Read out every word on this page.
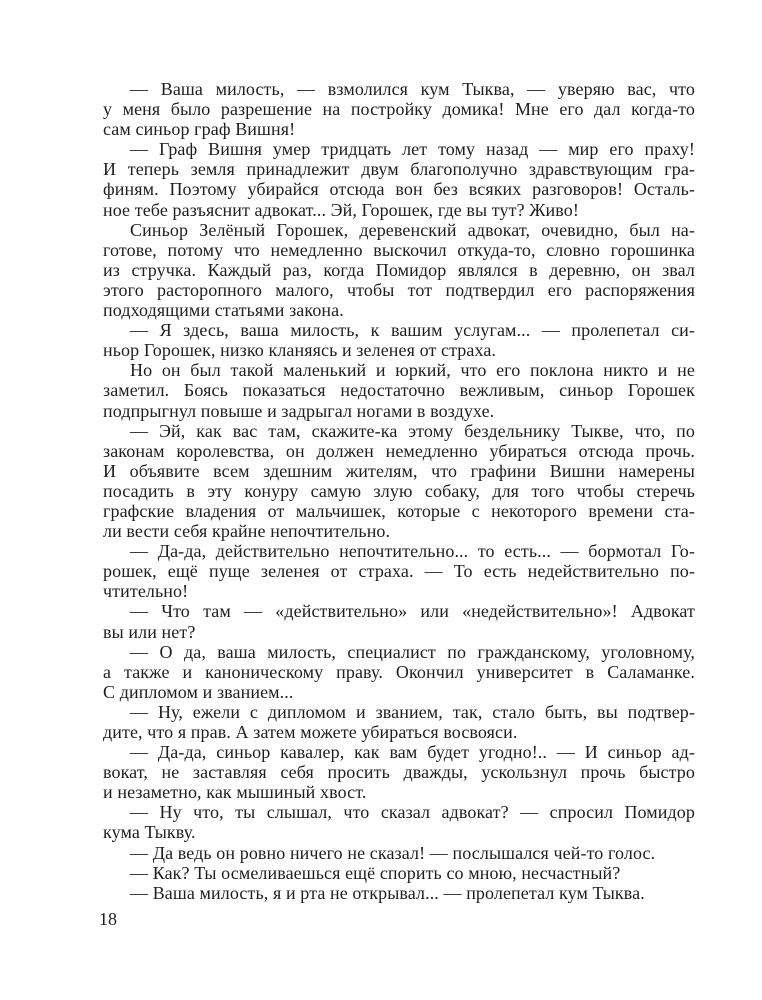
— Ваша милость, — взмолился кум Тыква, — уверяю вас, что
у меня было разрешение на постройку домика! Мне его дал когда-то
сам синьор граф Вишня!
— Граф Вишня умер тридцать лет тому назад — мир его праху!
И теперь земля принадлежит двум благополучно здравствующим гра-
финям. Поэтому убирайся отсюда вон без всяких разговоров! Осталь-
ное тебе разъяснит адвокат... Эй, Горошек, где вы тут? Живо!
Синьор Зелёный Горошек, деревенский адвокат, очевидно, был на-
готове, потому что немедленно выскочил откуда-то, словно горошинка
из стручка. Каждый раз, когда Помидор являлся в деревню, он звал
этого расторопного малого, чтобы тот подтвердил его распоряжения
подходящими статьями закона.
— Я здесь, ваша милость, к вашим услугам... — пролепетал си-
ньор Горошек, низко кланяясь и зеленея от страха.
Но он был такой маленький и юркий, что его поклона никто и не
заметил. Боясь показаться недостаточно вежливым, синьор Горошек
подпрыгнул повыше и задрыгал ногами в воздухе.
— Эй, как вас там, скажите-ка этому бездельнику Тыкве, что, по
законам королевства, он должен немедленно убираться отсюда прочь.
И объявите всем здешним жителям, что графини Вишни намерены
посадить в эту конуру самую злую собаку, для того чтобы стеречь
графские владения от мальчишек, которые с некоторого времени ста-
ли вести себя крайне непочтительно.
— Да-да, действительно непочтительно... то есть... — бормотал Го-
рошек, ещё пуще зеленея от страха. — То есть недействительно по-
чтительно!
— Что там — «действительно» или «недействительно»! Адвокат
вы или нет?
— О да, ваша милость, специалист по гражданскому, уголовному,
а также и каноническому праву. Окончил университет в Саламанке.
С дипломом и званием...
— Ну, ежели с дипломом и званием, так, стало быть, вы подтвер-
дите, что я прав. А затем можете убираться восвояси.
— Да-да, синьор кавалер, как вам будет угодно!.. — И синьор ад-
вокат, не заставляя себя просить дважды, ускользнул прочь быстро
и незаметно, как мышиный хвост.
— Ну что, ты слышал, что сказал адвокат? — спросил Помидор
кума Тыкву.
— Да ведь он ровно ничего не сказал! — послышался чей-то голос.
— Как? Ты осмеливаешься ещё спорить со мною, несчастный?
— Ваша милость, я и рта не открывал... — пролепетал кум Тыква.
18
